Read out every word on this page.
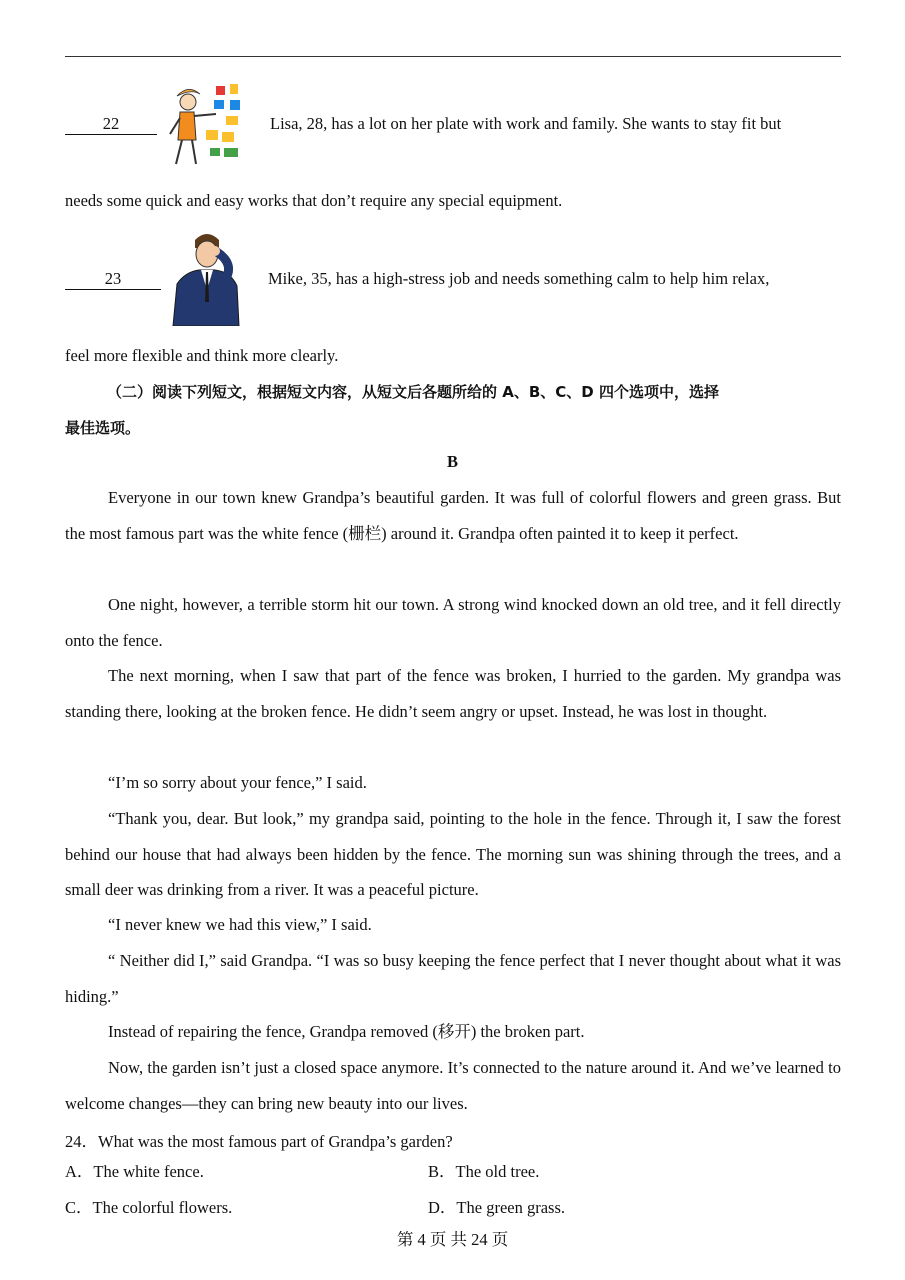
22	Lisa, 28, has a lot on her plate with work and family. She wants to stay fit but
needs some quick and easy works that don’t require any special equipment.
23	Mike, 35, has a high-stress job and needs something calm to help him relax,
feel more flexible and think more clearly.
（二）阅读下列短文，根据短文内容，从短文后各题所给的 A、B、C、D 四个选项中，选择
最佳选项。
B
Everyone in our town knew Grandpa’s beautiful garden. It was full of colorful flowers and green grass. But the most famous part was the white fence (栅栏) around it. Grandpa often painted it to keep it perfect.
One night, however, a terrible storm hit our town. A strong wind knocked down an old tree, and it fell directly onto the fence.
The next morning, when I saw that part of the fence was broken, I hurried to the garden. My grandpa was standing there, looking at the broken fence. He didn’t seem angry or upset. Instead, he was lost in thought.
“I’m so sorry about your fence,” I said.
“Thank you, dear. But look,” my grandpa said, pointing to the hole in the fence. Through it, I saw the forest behind our house that had always been hidden by the fence. The morning sun was shining through the trees, and a small deer was drinking from a river. It was a peaceful picture.
“I never knew we had this view,” I said.
“ Neither did I,” said Grandpa. “I was so busy keeping the fence perfect that I never thought about what it was hiding.”
Instead of repairing the fence, Grandpa removed (移开) the broken part.
Now, the garden isn’t just a closed space anymore. It’s connected to the nature around it. And we’ve learned to welcome changes—they can bring new beauty into our lives.
24．What was the most famous part of Grandpa’s garden?
A．The white fence.	B．The old tree.
C．The colorful flowers.	D．The green grass.
第 4 页 共 24 页
